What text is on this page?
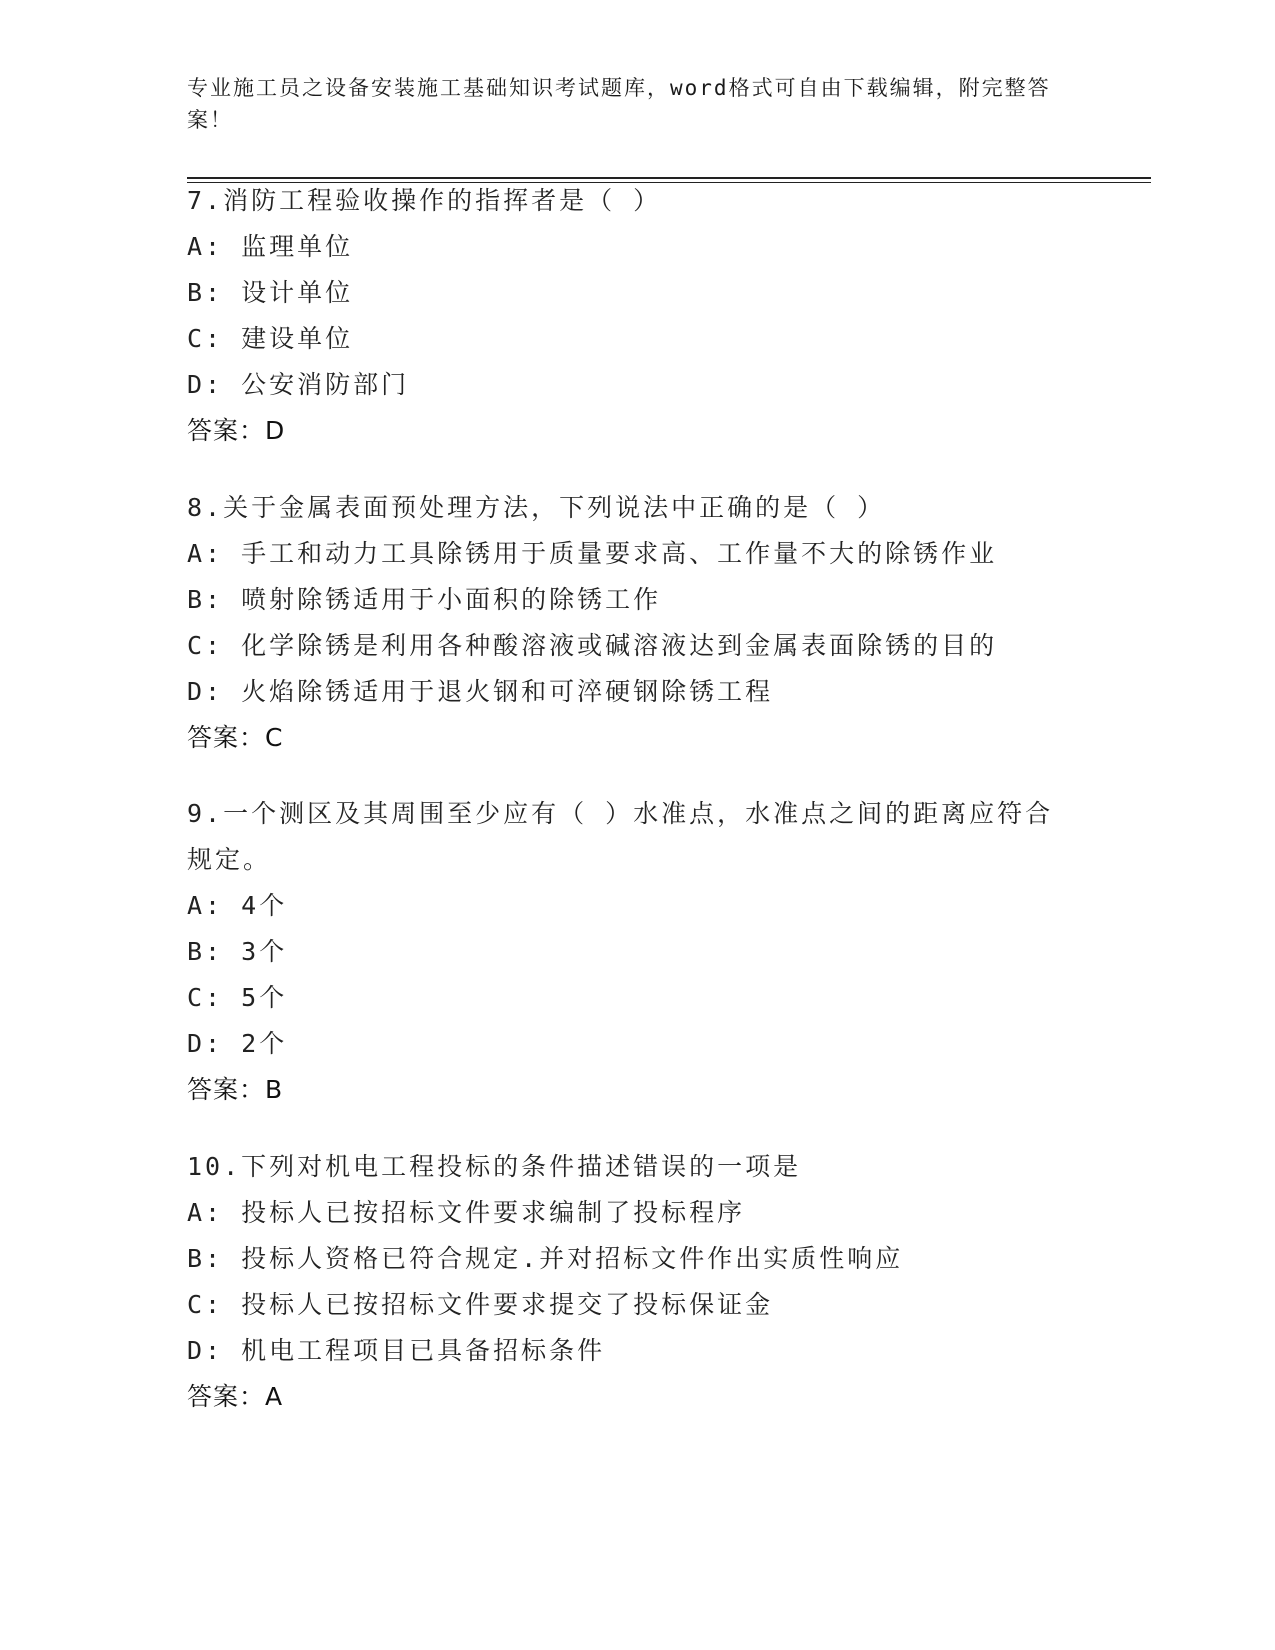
专业施工员之设备安装施工基础知识考试题库，word格式可自由下载编辑，附完整答案！
7.消防工程验收操作的指挥者是（ ）
A: 监理单位
B: 设计单位
C: 建设单位
D: 公安消防部门
答案：D
8.关于金属表面预处理方法，下列说法中正确的是（ ）
A: 手工和动力工具除锈用于质量要求高、工作量不大的除锈作业
B: 喷射除锈适用于小面积的除锈工作
C: 化学除锈是利用各种酸溶液或碱溶液达到金属表面除锈的目的
D: 火焰除锈适用于退火钢和可淬硬钢除锈工程
答案：C
9.一个测区及其周围至少应有（ ）水准点，水准点之间的距离应符合规定。
A: 4个
B: 3个
C: 5个
D: 2个
答案：B
10.下列对机电工程投标的条件描述错误的一项是
A: 投标人已按招标文件要求编制了投标程序
B: 投标人资格已符合规定.并对招标文件作出实质性响应
C: 投标人已按招标文件要求提交了投标保证金
D: 机电工程项目已具备招标条件
答案：A
